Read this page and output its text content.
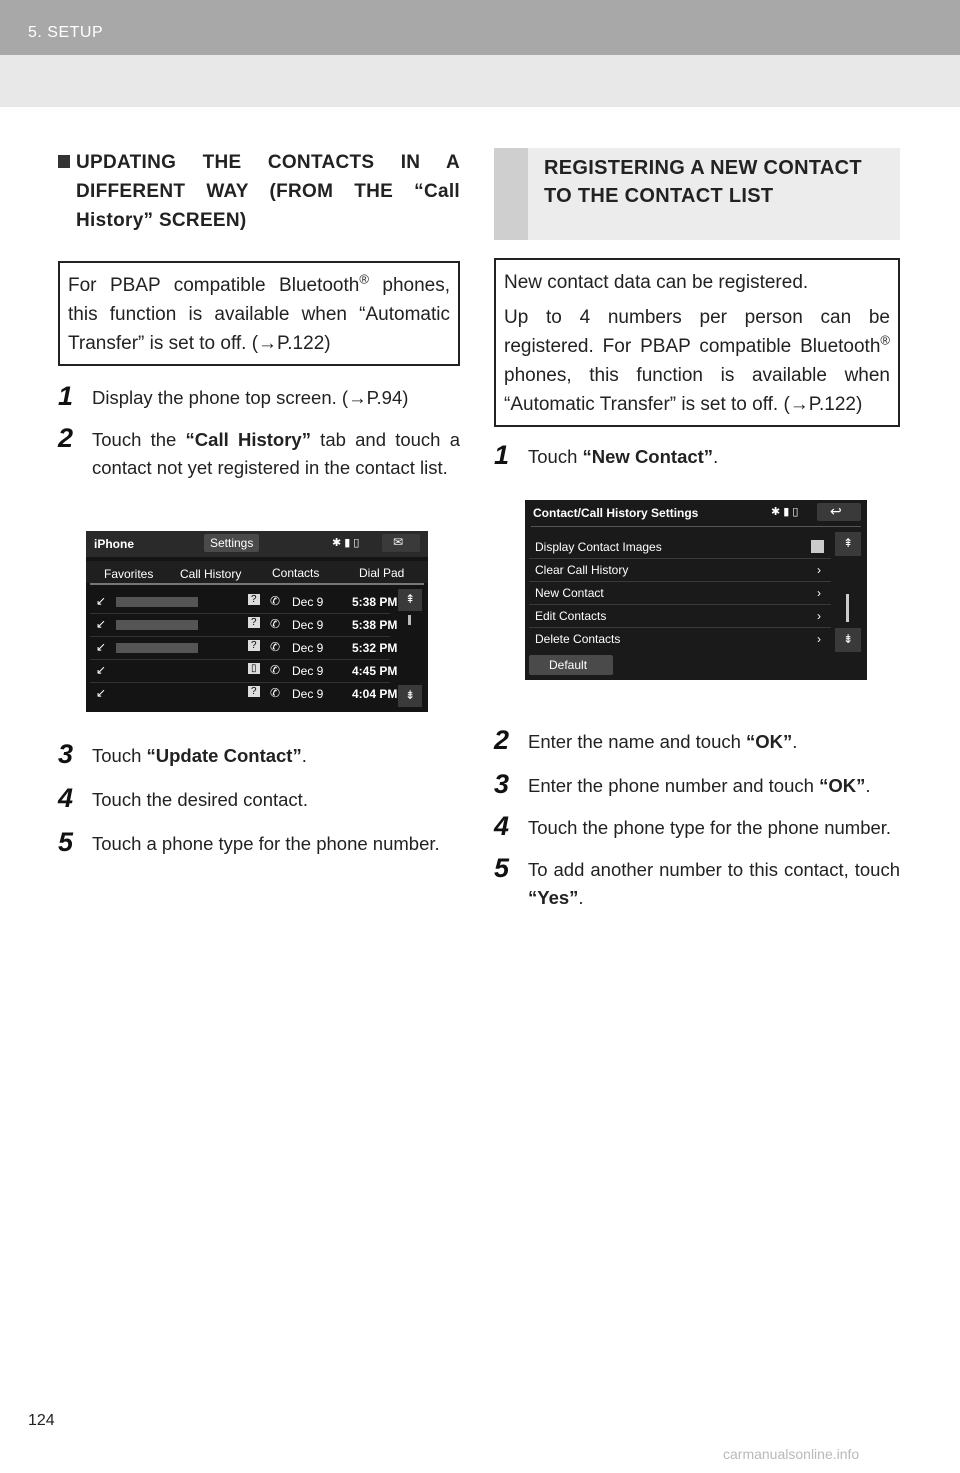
5. SETUP
UPDATING THE CONTACTS IN A DIFFERENT WAY (FROM THE “Call History” SCREEN)

For PBAP compatible Bluetooth® phones, this function is available when “Automatic Transfer” is set to off. (→P.122)

1 Display the phone top screen. (→P.94)
2 Touch the “Call History” tab and touch a contact not yet registered in the contact list.
iPhone	Settings	✱ ▮ ▯	✉
Favorites Call History	Contacts	Dial Pad
↙	? ✆ Dec 9 5:38 PM
↙	? ✆ Dec 9 5:38 PM
↙	? ✆ Dec 9 5:32 PM
↙	▯ ✆ Dec 9 4:45 PM
↙	? ✆ Dec 9 4:04 PM
⇞
⇟
3 Touch “Update Contact”.
4 Touch the desired contact.
5 Touch a phone type for the phone number.
REGISTERING A NEW CONTACT TO THE CONTACT LIST

New contact data can be registered.

Up to 4 numbers per person can be registered. For PBAP compatible Bluetooth® phones, this function is available when “Automatic Transfer” is set to off. (→P.122)

1 Touch “New Contact”.
Contact/Call History Settings	✱ ▮ ▯ ↩
Display Contact Images
Clear Call History	›
New Contact	›
Edit Contacts	›
Delete Contacts	›
⇞
⇟
Default
2 Enter the name and touch “OK”.
3 Enter the phone number and touch “OK”.
4 Touch the phone type for the phone number.
5 To add another number to this contact, touch “Yes”.
124
carmanualsonline.info
